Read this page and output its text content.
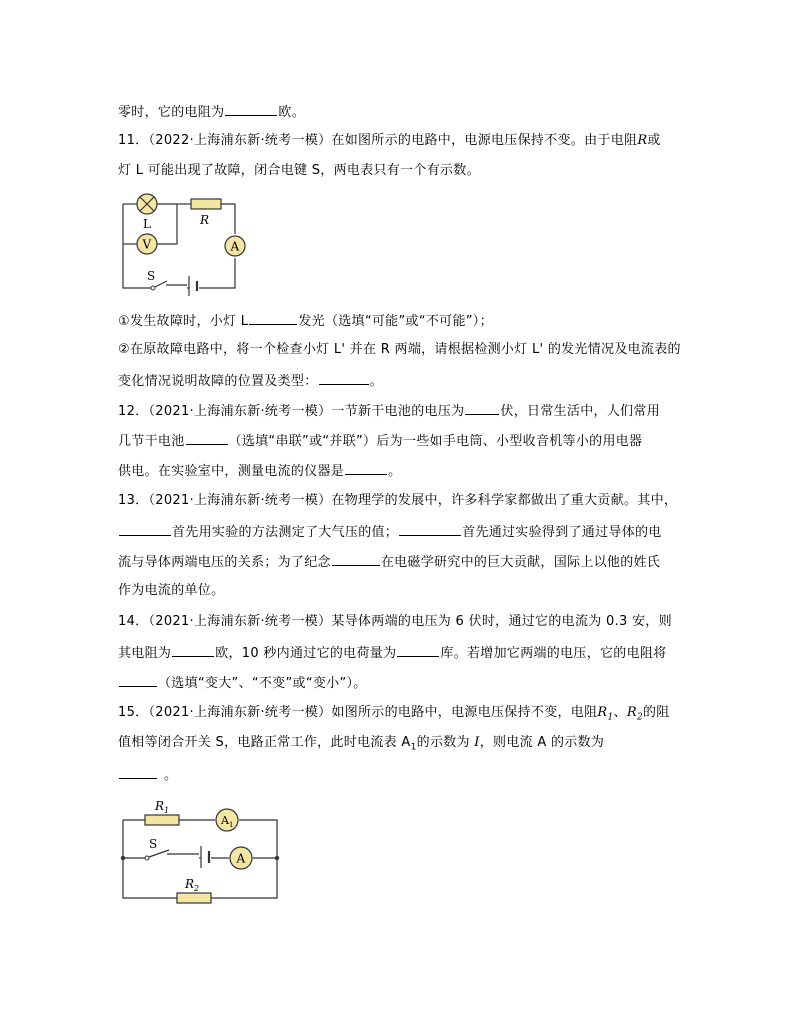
零时，它的电阻为	欧。
11．（2022·上海浦东新·统考一模）在如图所示的电路中，电源电压保持不变。由于电阻R或
灯 L 可能出现了故障，闭合电键 S，两电表只有一个有示数。
L
V
R
A
S
①发生故障时，小灯 L	发光（选填“可能”或“不可能”）；
②在原故障电路中，将一个检查小灯 L' 并在 R 两端，请根据检测小灯 L' 的发光情况及电流表的
变化情况说明故障的位置及类型：	。
12．（2021·上海浦东新·统考一模）一节新干电池的电压为	伏，日常生活中，人们常用
几节干电池	（选填“串联”或“并联”）后为一些如手电筒、小型收音机等小的用电器
供电。在实验室中，测量电流的仪器是	。
13．（2021·上海浦东新·统考一模）在物理学的发展中，许多科学家都做出了重大贡献。其中，
首先用实验的方法测定了大气压的值；	首先通过实验得到了通过导体的电
流与导体两端电压的关系；为了纪念	在电磁学研究中的巨大贡献，国际上以他的姓氏
作为电流的单位。
14．（2021·上海浦东新·统考一模）某导体两端的电压为 6 伏时，通过它的电流为 0.3 安，则
其电阻为	欧，10 秒内通过它的电荷量为	库。若增加它两端的电压，它的电阻将
（选填“变大”、“不变”或“变小”）。
15．（2021·上海浦东新·统考一模）如图所示的电路中，电源电压保持不变，电阻$R_1$、$R_2$的阻
值相等闭合开关 S，电路正常工作，此时电流表 $A_1$的示数为 I，则电流 A 的示数为
。
$R_1$
$A_1$
S
A
$R_2$
